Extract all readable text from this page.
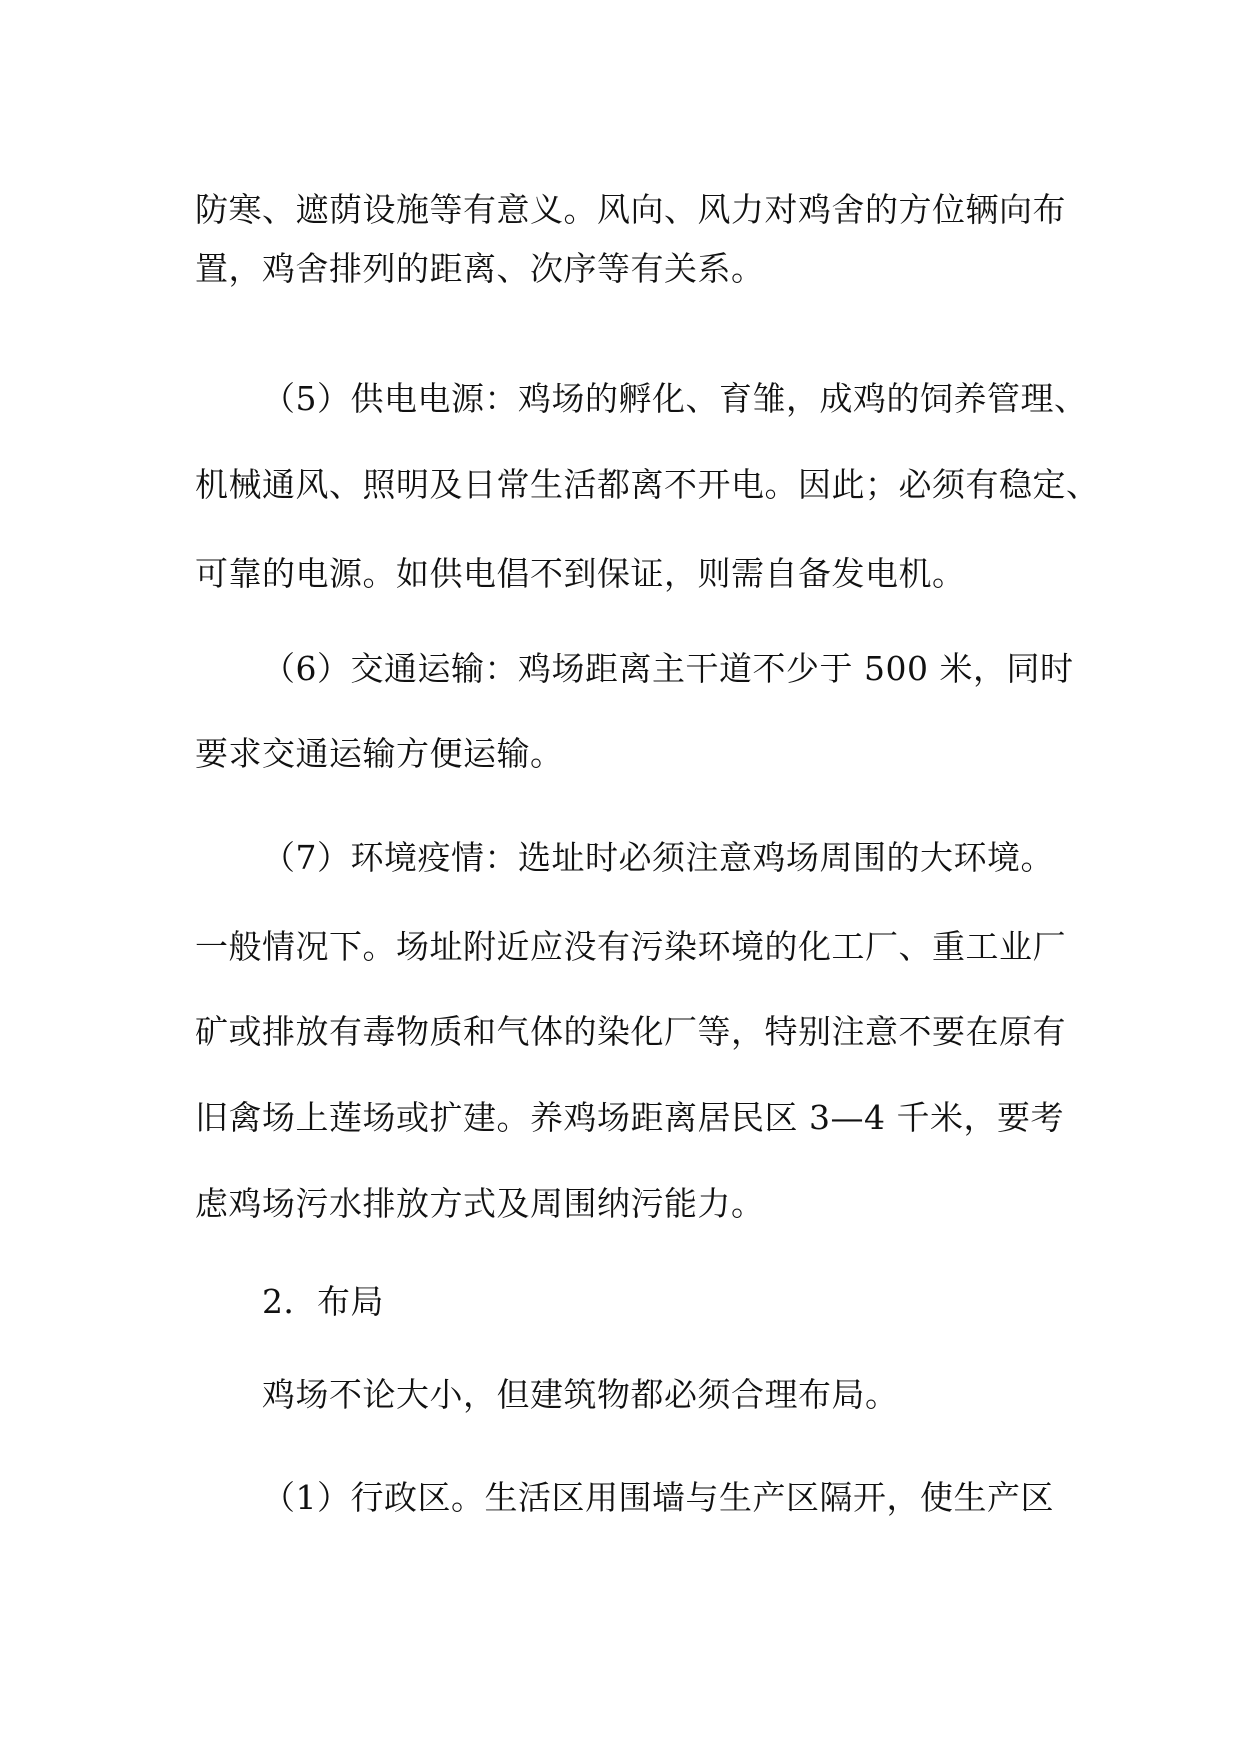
防寒、遮荫设施等有意义。风向、风力对鸡舍的方位辆向布
置，鸡舍排列的距离、次序等有关系。
（5）供电电源：鸡场的孵化、育雏，成鸡的饲养管理、
机械通风、照明及日常生活都离不开电。因此；必须有稳定、
可靠的电源。如供电倡不到保证，则需自备发电机。
（6）交通运输：鸡场距离主干道不少于 500 米，同时
要求交通运输方便运输。
（7）环境疫情：选址时必须注意鸡场周围的大环境。
一般情况下。场址附近应没有污染环境的化工厂、重工业厂
矿或排放有毒物质和气体的染化厂等，特别注意不要在原有
旧禽场上莲场或扩建。养鸡场距离居民区 3—4 千米，要考
虑鸡场污水排放方式及周围纳污能力。
2．布局
鸡场不论大小，但建筑物都必须合理布局。
（1）行政区。生活区用围墙与生产区隔开，使生产区
